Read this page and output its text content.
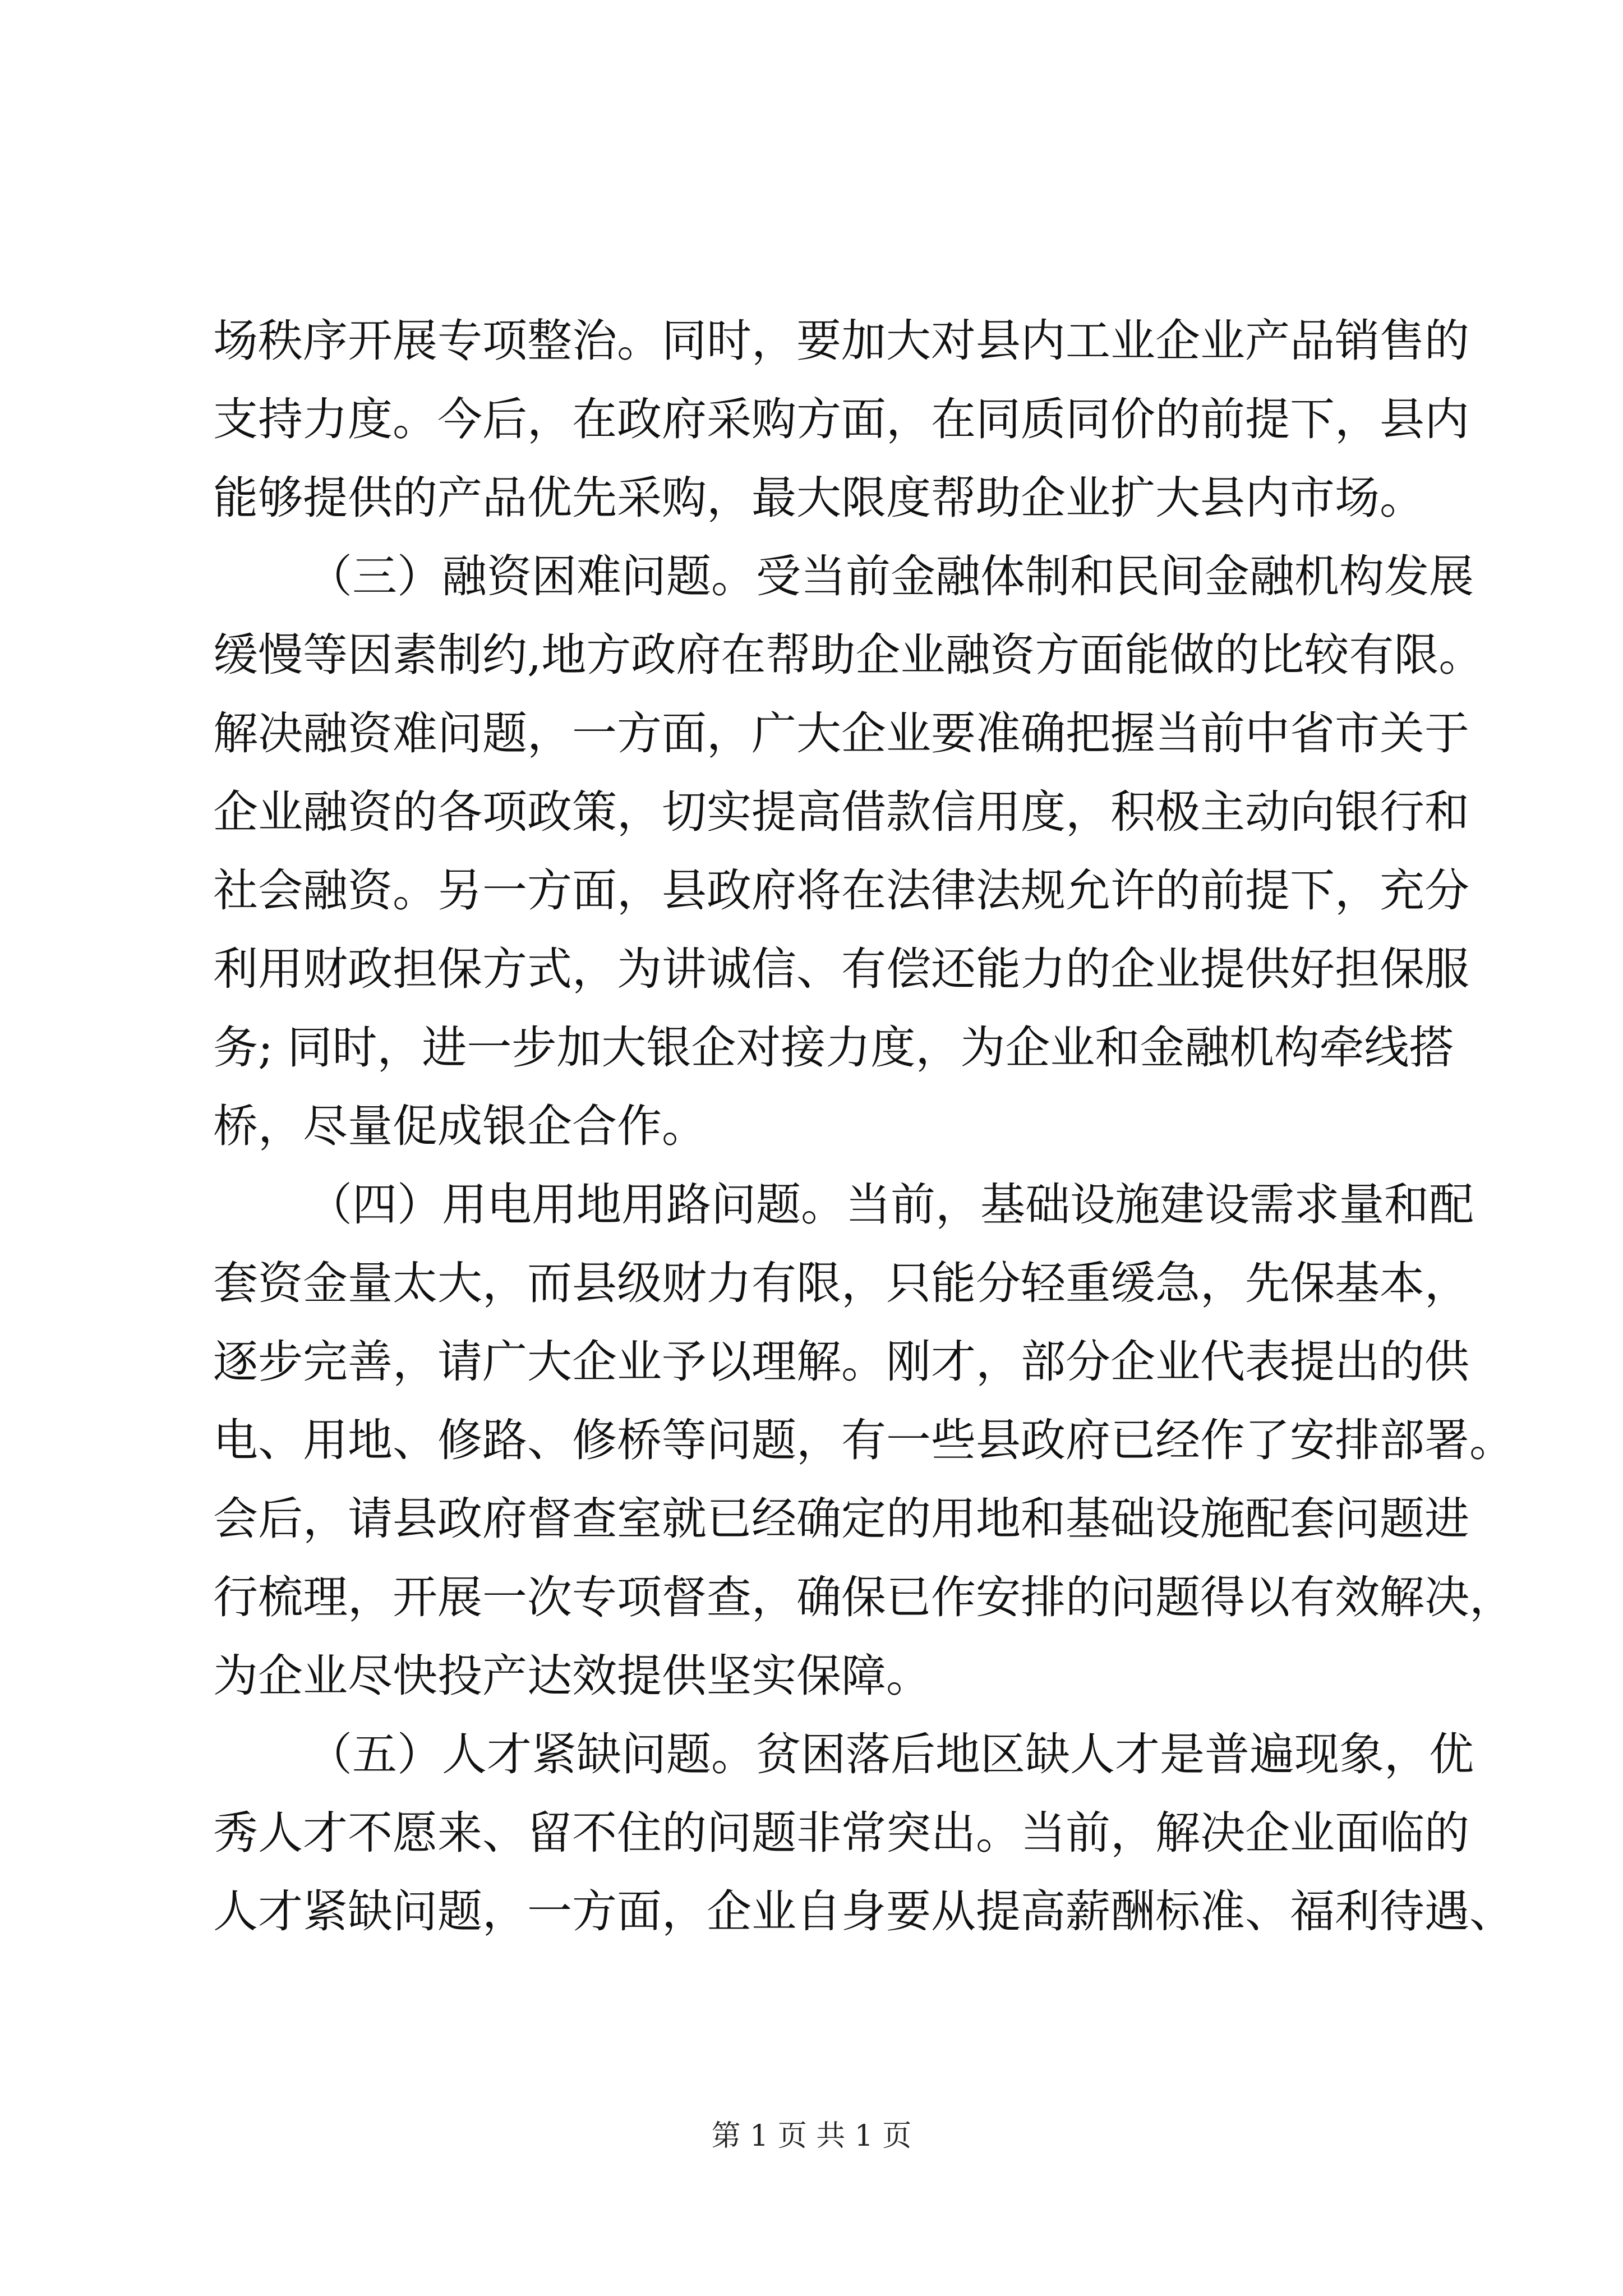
场秩序开展专项整治。同时，要加大对县内工业企业产品销售的
支持力度。今后，在政府采购方面，在同质同价的前提下，县内
能够提供的产品优先采购，最大限度帮助企业扩大县内市场。
（三）融资困难问题。受当前金融体制和民间金融机构发展
缓慢等因素制约,地方政府在帮助企业融资方面能做的比较有限。
解决融资难问题，一方面，广大企业要准确把握当前中省市关于
企业融资的各项政策，切实提高借款信用度，积极主动向银行和
社会融资。另一方面，县政府将在法律法规允许的前提下，充分
利用财政担保方式，为讲诚信、有偿还能力的企业提供好担保服
务; 同时，进一步加大银企对接力度，为企业和金融机构牵线搭
桥，尽量促成银企合作。
（四）用电用地用路问题。当前，基础设施建设需求量和配
套资金量太大，而县级财力有限，只能分轻重缓急，先保基本，
逐步完善，请广大企业予以理解。刚才，部分企业代表提出的供
电、用地、修路、修桥等问题，有一些县政府已经作了安排部署。
会后，请县政府督查室就已经确定的用地和基础设施配套问题进
行梳理，开展一次专项督查，确保已作安排的问题得以有效解决，
为企业尽快投产达效提供坚实保障。
（五）人才紧缺问题。贫困落后地区缺人才是普遍现象，优
秀人才不愿来、留不住的问题非常突出。当前，解决企业面临的
人才紧缺问题，一方面，企业自身要从提高薪酬标准、福利待遇、
第 1 页 共 1 页
